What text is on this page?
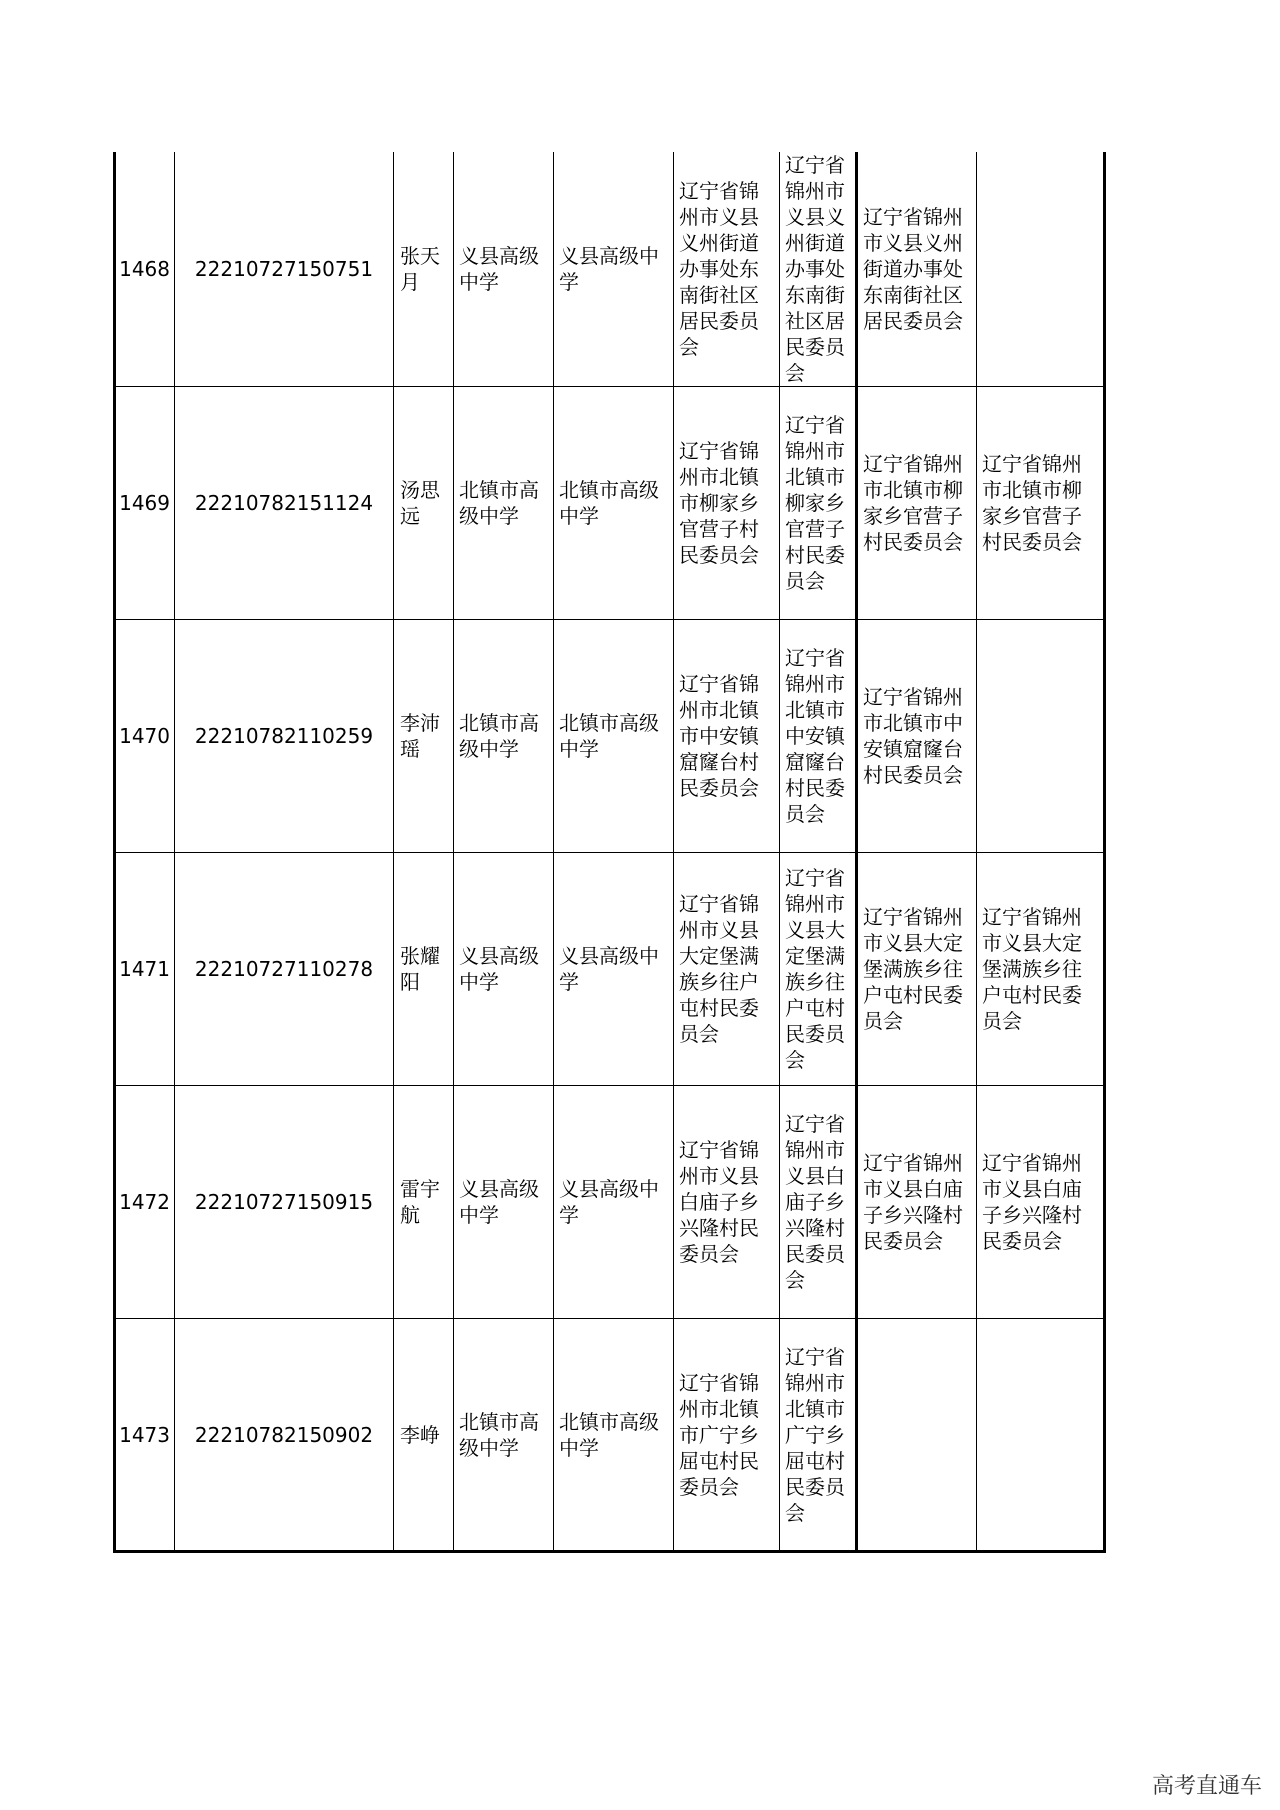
1468	22210727150751	张天月	义县高级中学	义县高级中学	辽宁省锦州市义县义州街道办事处东南街社区居民委员会	辽宁省锦州市义县义州街道办事处东南街社区居民委员会	辽宁省锦州市义县义州街道办事处东南街社区居民委员会	
1469	22210782151124	汤思远	北镇市高级中学	北镇市高级中学	辽宁省锦州市北镇市柳家乡官营子村民委员会	辽宁省锦州市北镇市柳家乡官营子村民委员会	辽宁省锦州市北镇市柳家乡官营子村民委员会	辽宁省锦州市北镇市柳家乡官营子村民委员会
1470	22210782110259	李沛瑶	北镇市高级中学	北镇市高级中学	辽宁省锦州市北镇市中安镇窟窿台村民委员会	辽宁省锦州市北镇市中安镇窟窿台村民委员会	辽宁省锦州市北镇市中安镇窟窿台村民委员会	
1471	22210727110278	张耀阳	义县高级中学	义县高级中学	辽宁省锦州市义县大定堡满族乡往户屯村民委员会	辽宁省锦州市义县大定堡满族乡往户屯村民委员会	辽宁省锦州市义县大定堡满族乡往户屯村民委员会	辽宁省锦州市义县大定堡满族乡往户屯村民委员会
1472	22210727150915	雷宇航	义县高级中学	义县高级中学	辽宁省锦州市义县白庙子乡兴隆村民委员会	辽宁省锦州市义县白庙子乡兴隆村民委员会	辽宁省锦州市义县白庙子乡兴隆村民委员会	辽宁省锦州市义县白庙子乡兴隆村民委员会
1473	22210782150902	李峥	北镇市高级中学	北镇市高级中学	辽宁省锦州市北镇市广宁乡屈屯村民委员会	辽宁省锦州市北镇市广宁乡屈屯村民委员会		
高考直通车
